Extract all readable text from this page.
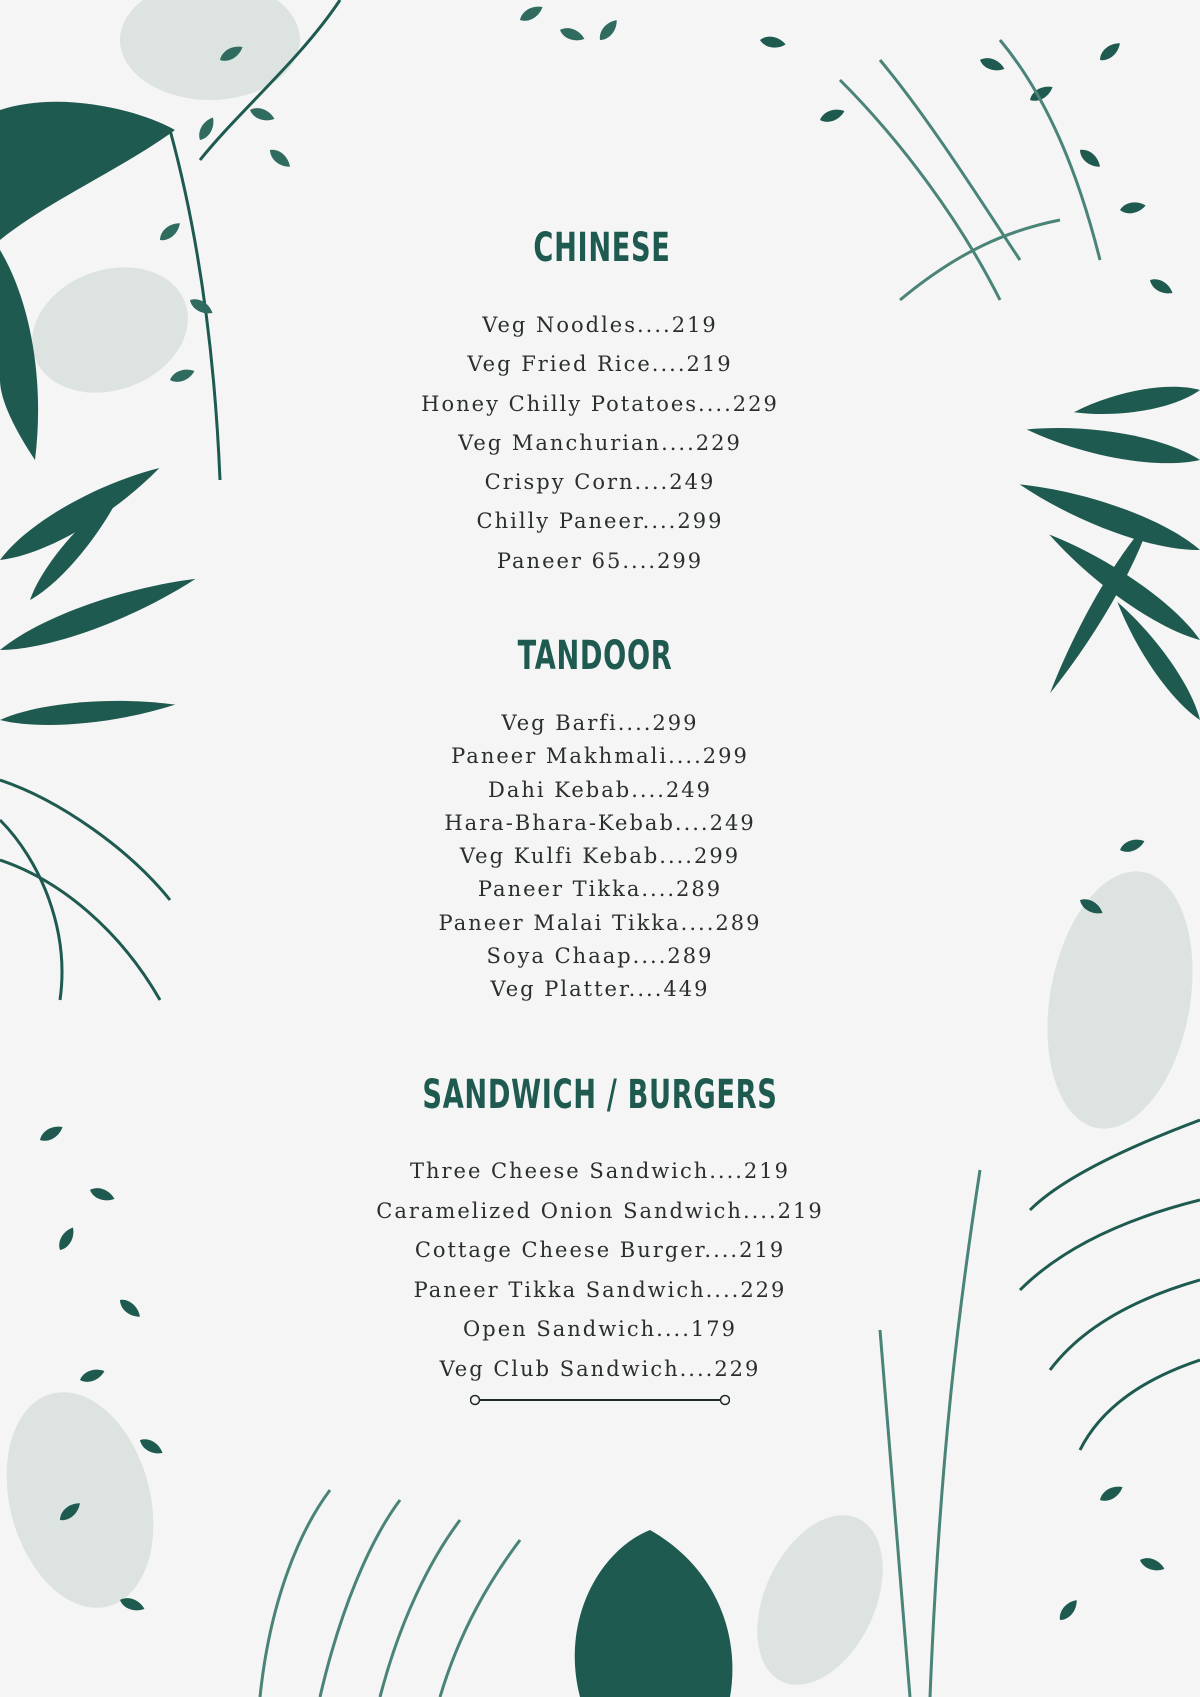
CHINESE
Veg Noodles....219
Veg Fried Rice....219
Honey Chilly Potatoes....229
Veg Manchurian....229
Crispy Corn....249
Chilly Paneer....299
Paneer 65....299
TANDOOR
Veg Barfi....299
Paneer Makhmali....299
Dahi Kebab....249
Hara-Bhara-Kebab....249
Veg Kulfi Kebab....299
Paneer Tikka....289
Paneer Malai Tikka....289
Soya Chaap....289
Veg Platter....449
SANDWICH / BURGERS
Three Cheese Sandwich....219
Caramelized Onion Sandwich....219
Cottage Cheese Burger....219
Paneer Tikka Sandwich....229
Open Sandwich....179
Veg Club Sandwich....229
